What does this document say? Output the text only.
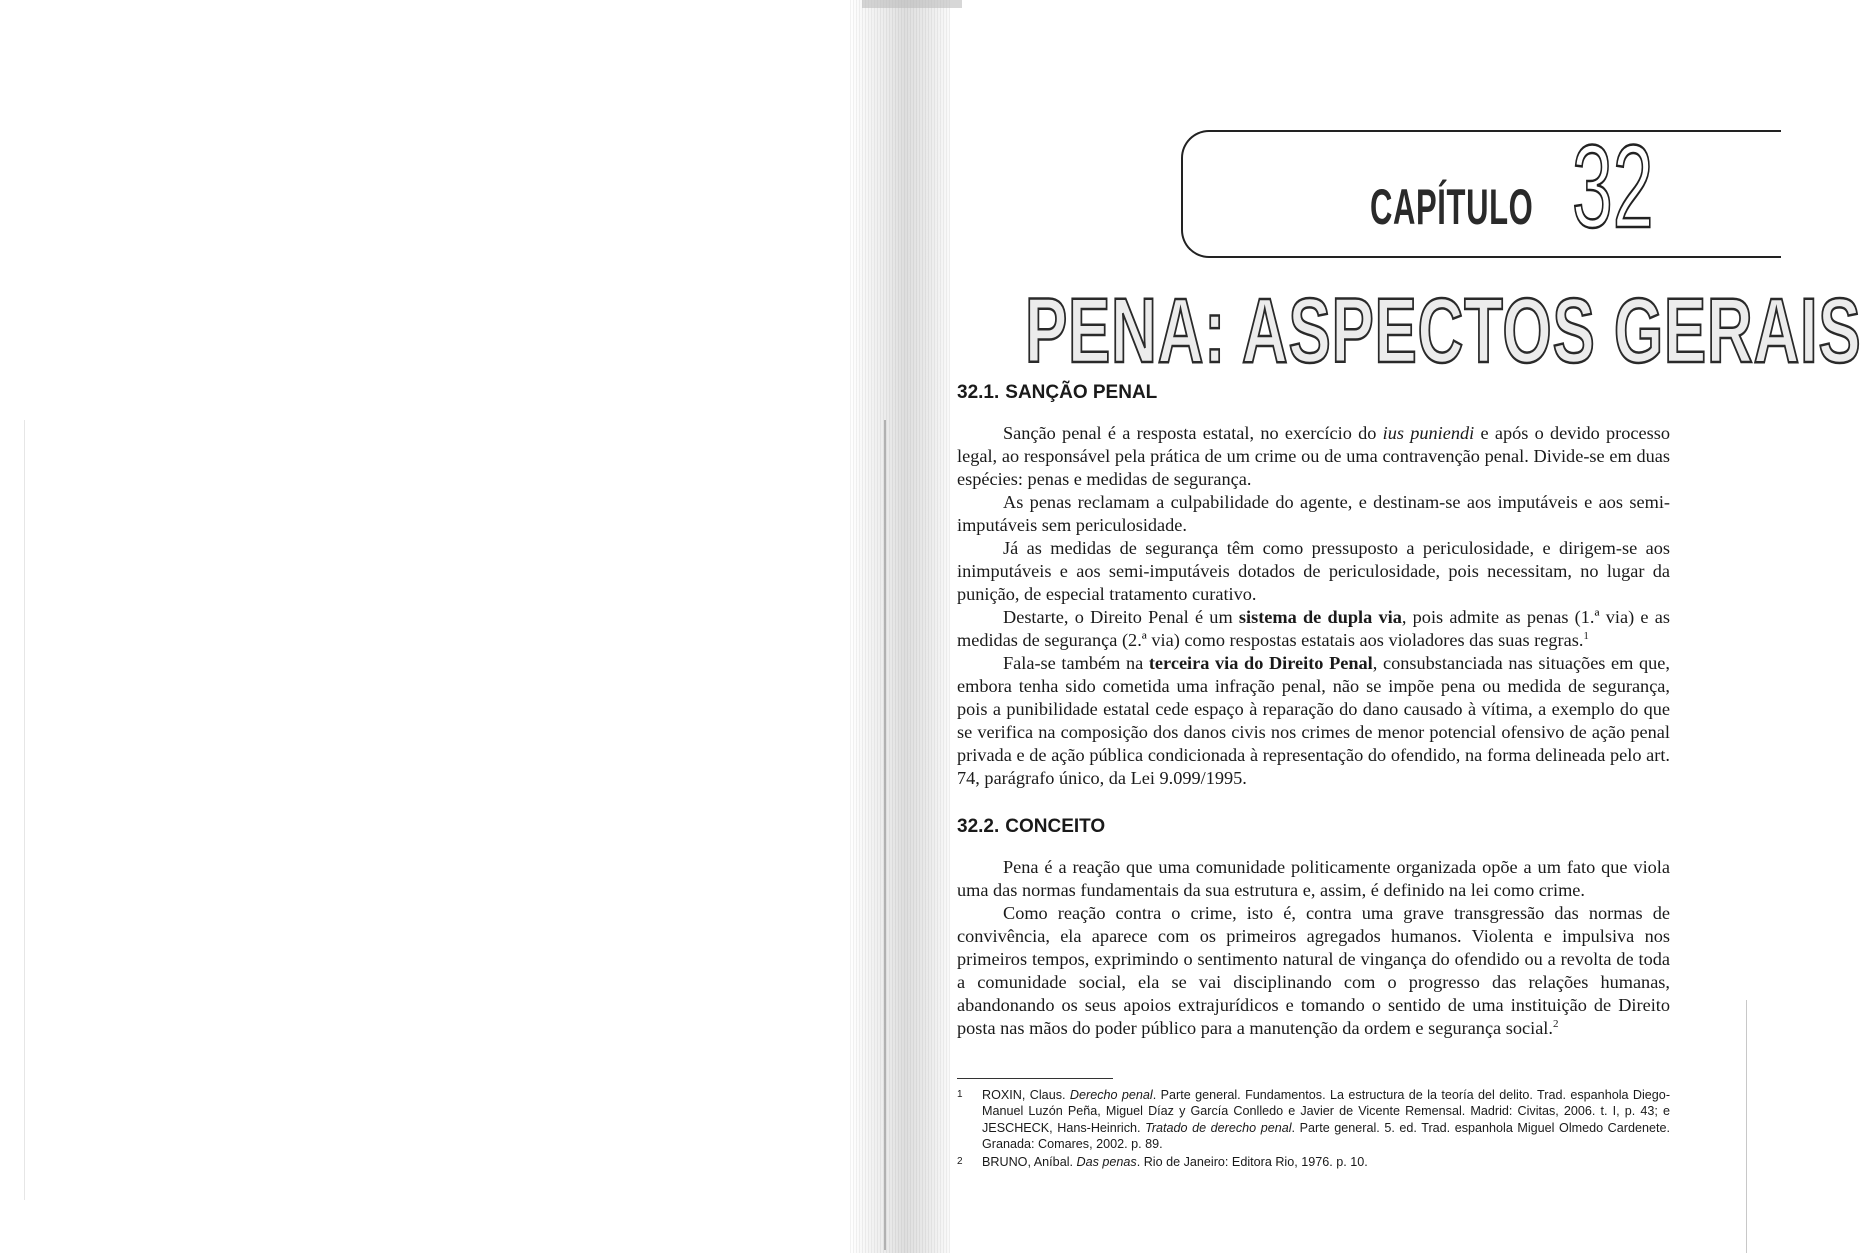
CAPÍTULO 32
PENA: ASPECTOS GERAIS
32.1. SANÇÃO PENAL

Sanção penal é a resposta estatal, no exercício do ius puniendi e após o devido processo legal, ao responsável pela prática de um crime ou de uma contravenção penal. Divide-se em duas espécies: penas e medidas de segurança.

As penas reclamam a culpabilidade do agente, e destinam-se aos imputáveis e aos semi-imputáveis sem periculosidade.

Já as medidas de segurança têm como pressuposto a periculosidade, e dirigem-se aos inimputáveis e aos semi-imputáveis dotados de periculosidade, pois necessitam, no lugar da punição, de especial tratamento curativo.

Destarte, o Direito Penal é um sistema de dupla via, pois admite as penas (1.ª via) e as medidas de segurança (2.ª via) como respostas estatais aos violadores das suas regras.$^1$

Fala-se também na terceira via do Direito Penal, consubstanciada nas situações em que, embora tenha sido cometida uma infração penal, não se impõe pena ou medida de segurança, pois a punibilidade estatal cede espaço à reparação do dano causado à vítima, a exemplo do que se verifica na composição dos danos civis nos crimes de menor potencial ofensivo de ação penal privada e de ação pública condicionada à representação do ofendido, na forma delineada pelo art. 74, parágrafo único, da Lei 9.099/1995.

32.2. CONCEITO

Pena é a reação que uma comunidade politicamente organizada opõe a um fato que viola uma das normas fundamentais da sua estrutura e, assim, é definido na lei como crime.

Como reação contra o crime, isto é, contra uma grave transgressão das normas de convivência, ela aparece com os primeiros agregados humanos. Violenta e impulsiva nos primeiros tempos, exprimindo o sentimento natural de vingança do ofendido ou a revolta de toda a comunidade social, ela se vai disciplinando com o progresso das relações humanas, abandonando os seus apoios extrajurídicos e tomando o sentido de uma instituição de Direito posta nas mãos do poder público para a manutenção da ordem e segurança social.$^2$

1	ROXIN, Claus. Derecho penal. Parte general. Fundamentos. La estructura de la teoría del delito. Trad. espanhola Diego-Manuel Luzón Peña, Miguel Díaz y García Conlledo e Javier de Vicente Remensal. Madrid: Civitas, 2006. t. I, p. 43; e JESCHECK, Hans-Heinrich. Tratado de derecho penal. Parte general. 5. ed. Trad. espanhola Miguel Olmedo Cardenete. Granada: Comares, 2002. p. 89.
2	BRUNO, Aníbal. Das penas. Rio de Janeiro: Editora Rio, 1976. p. 10.
